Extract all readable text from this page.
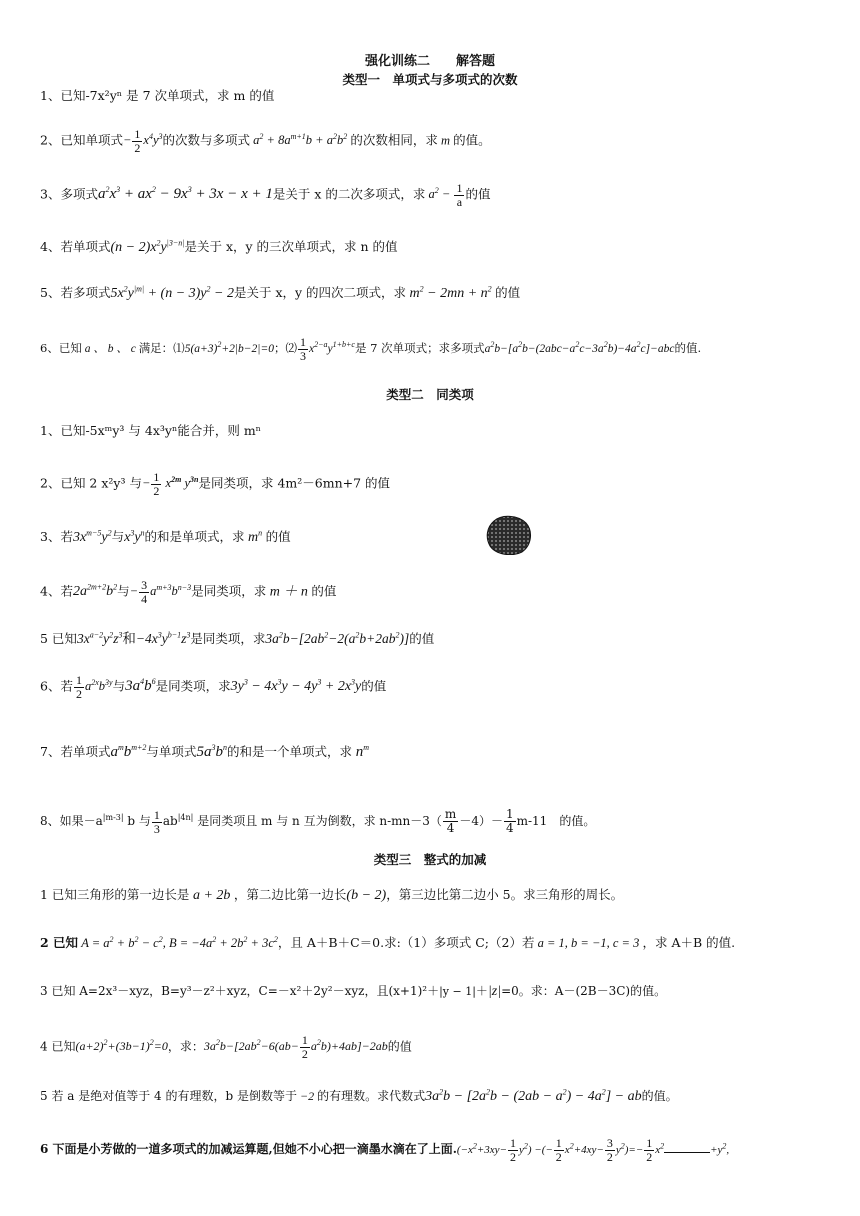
强化训练二　　解答题
类型一　单项式与多项式的次数
1、已知-7x²yⁿ 是 7 次单项式，求 m 的值
2、已知单项式− $\frac{1}{2} x^4y^3$的次数与多项式 $a^2 + 8a^{m+1}b + a^2b^2$ 的次数相同，求 m 的值。
3、多项式$a^2x^3 + ax^2 - 9x^3 + 3x - x + 1$是关于 x 的二次多项式，求 $a^2 - \frac{1}{a}$ 的值
4、若单项式$(n - 2)x^2y^{|3-n|}$是关于 x，y 的三次单项式，求 n 的值
5、若多项式$5x^2y^{|m|} + (n - 3)y^2 - 2$是关于 x，y 的四次二项式，求 $m^2 - 2mn + n^2$ 的值
6、已知 a 、 b 、 c 满足：$⑴5(a+3)^2+2|b-2|=0$；⑵ $\frac{1}{3} x^{2-a}y^{1+b+c}$是 7 次单项式；求多项式$a^2b-[a^2b-(2abc-a^2c-3a^2b)-4a^2c]-abc$的值.
类型二　同类项
1、已知-5xᵐy³ 与 4x³yⁿ能合并，则 mⁿ
2、已知 2 x²y³ 与− $\frac{1}{2} x^{2m}$ $y^{3n}$是同类项，求 4m²－6mn+7 的值
3、若$3x^{m-5}y^2$与$x^3y^n$的和是单项式，求 $m^n$ 的值
4、若$2a^{2m+2}b^2$与− $\frac{3}{4} a^{m+3}b^{n-3}$是同类项，求 m ＋ n 的值
5 已知$3x^{a-2}y^2z^3$和$-4x^3y^{b-1}z^3$是同类项，求$3a^2b-[2ab^2-2(a^2b+2ab^2)]$的值
6、若 $\frac{1}{2} a^{2x}b^{3y}$与$3a^4b^6$是同类项，求$3y^3 - 4x^3y - 4y^3 + 2x^3y$的值
7、若单项式$a^mb^{m+2}$与单项式$5a^3b^n$的和是一个单项式，求 $n^m$
8、如果$-a^{|m-3|}$ b 与 $\frac{1}{3} ab^{|4n|}$ 是同类项且 m 与 n 互为倒数，求 $n-mn-3( \frac{m}{4} -4)- \frac{1}{4} m-11$　的值。
类型三　整式的加减
1 已知三角形的第一边长是 a + 2b ，第二边比第一边长(b − 2)，第三边比第二边小 5。求三角形的周长。
2 已知 $A = a^2 + b^2 - c^2$, $B = -4a^2 + 2b^2 + 3c^2$，且 A＋B＋C＝0.求:（1）多项式 C;（2）若 a = 1, b = −1, c = 3 ，求 A＋B 的值.
3 已知 A=2x³－xyz，B=y³－z²＋xyz，C=－x²＋2y²－xyz，且(x+1)²＋|y − 1|＋|z|=0。求：A－(2B－3C)的值。
4 已知$(a+2)^2+(3b-1)^2=0$，求：$3a^2b-[2ab^2-6(ab- \frac{1}{2} a^2b)+4ab]-2ab$的值
5 若 a 是绝对值等于 4 的有理数，b 是倒数等于 −2 的有理数。求代数式$3a^2b - [2a^2b - (2ab - a^2) - 4a^2]$ − ab的值。
6 下面是小芳做的一道多项式的加减运算题,但她不小心把一滴墨水滴在了上面$.(-x^2+3xy- \frac{1}{2} y^2)$ −(− $\frac{1}{2} x^2+4xy- \frac{3}{2} y^2)=- \frac{1}{2} x^2$	$+y^2$,
